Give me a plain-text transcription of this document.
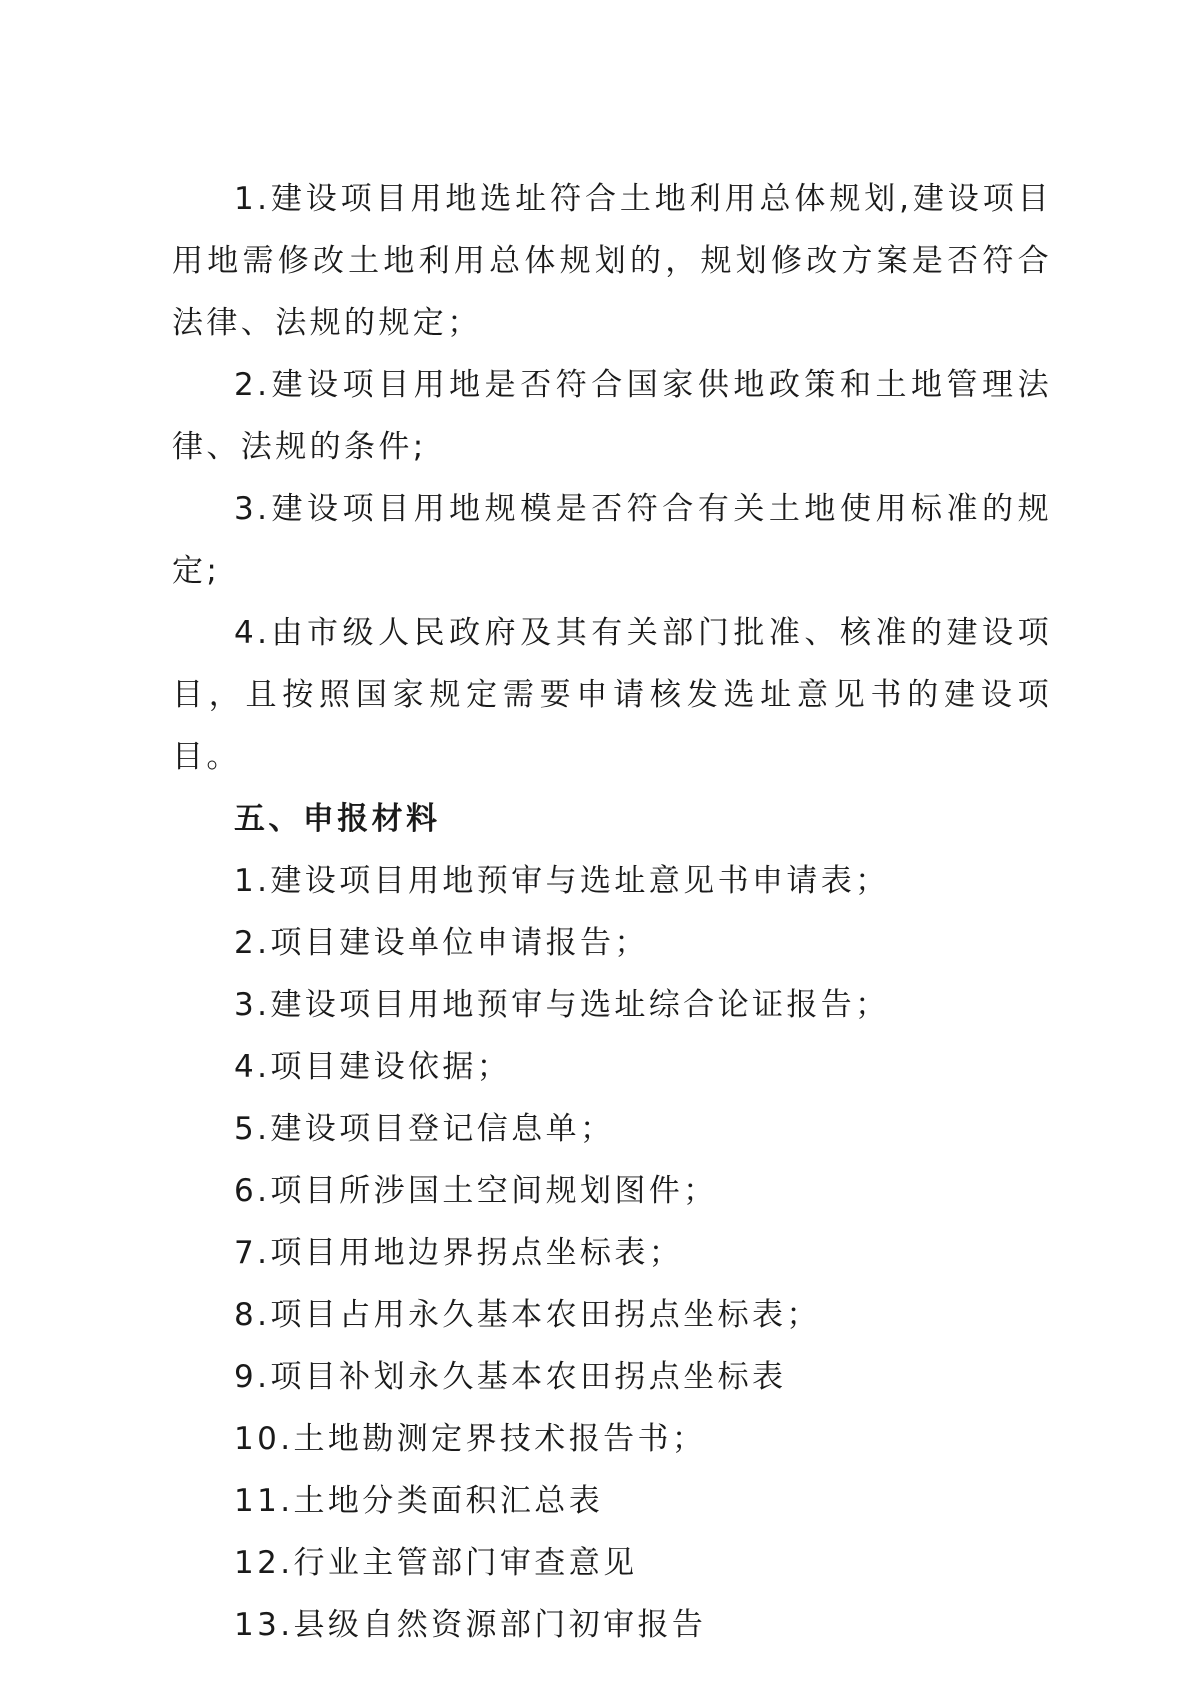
1.建设项目用地选址符合土地利用总体规划,建设项目用地需修改土地利用总体规划的，规划修改方案是否符合法律、法规的规定；

2.建设项目用地是否符合国家供地政策和土地管理法律、法规的条件;

3.建设项目用地规模是否符合有关土地使用标准的规定;

4.由市级人民政府及其有关部门批准、核准的建设项目，且按照国家规定需要申请核发选址意见书的建设项目。

五、申报材料

1.建设项目用地预审与选址意见书申请表；

2.项目建设单位申请报告；

3.建设项目用地预审与选址综合论证报告；

4.项目建设依据；

5.建设项目登记信息单；

6.项目所涉国土空间规划图件；

7.项目用地边界拐点坐标表；

8.项目占用永久基本农田拐点坐标表；

9.项目补划永久基本农田拐点坐标表

10.土地勘测定界技术报告书；

11.土地分类面积汇总表

12.行业主管部门审查意见

13.县级自然资源部门初审报告
